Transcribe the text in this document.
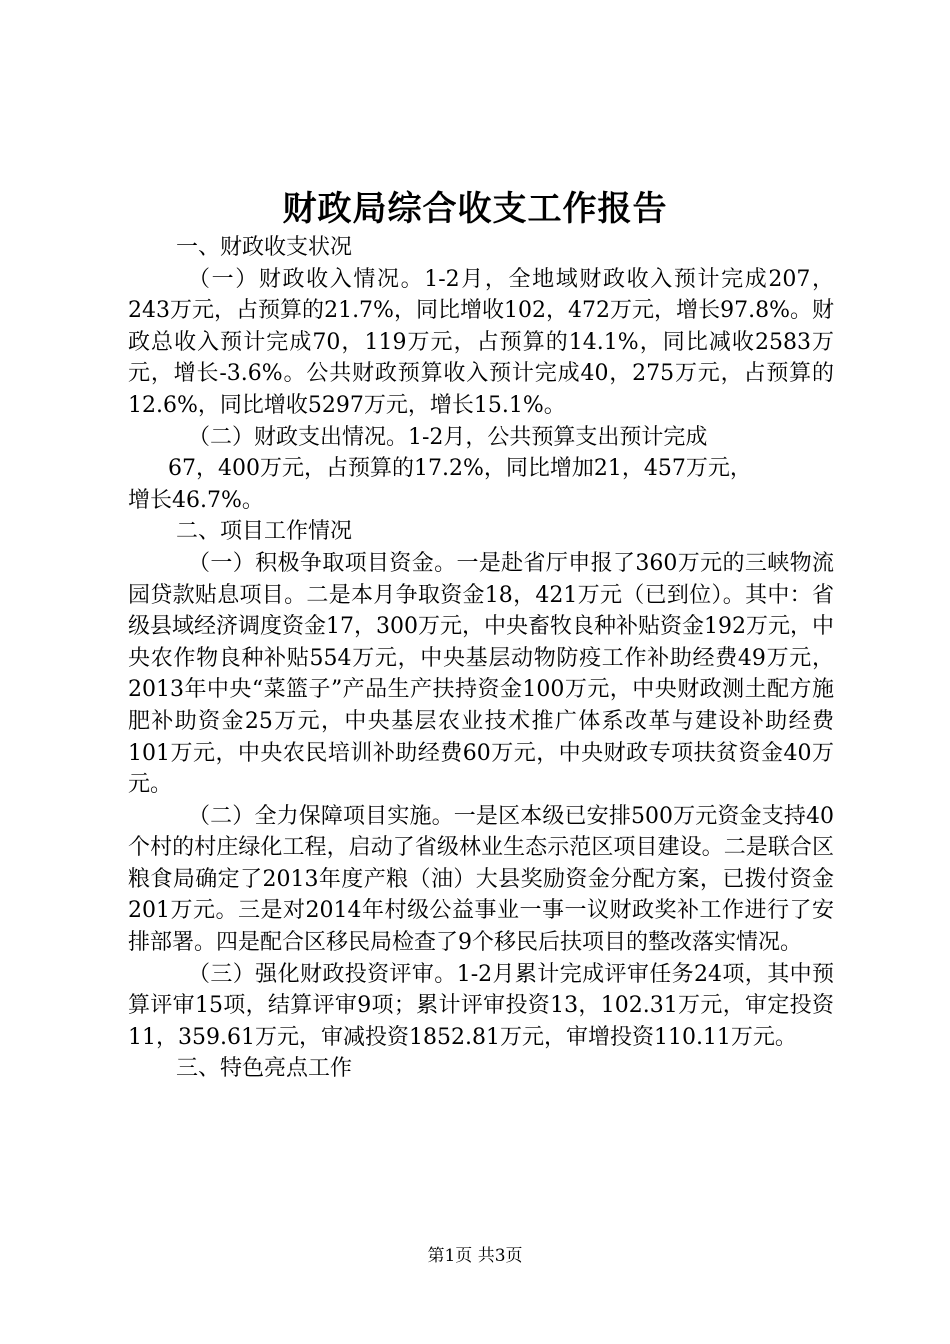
财政局综合收支工作报告

一、财政收支状况

（一）财政收入情况。1-2月，全地域财政收入预计完成207，243万元，占预算的21.7%，同比增收102，472万元，增长97.8%。财政总收入预计完成70，119万元，占预算的14.1%，同比减收2583万元，增长-3.6%。公共财政预算收入预计完成40，275万元，占预算的12.6%，同比增收5297万元，增长15.1%。

（二）财政支出情况。1-2月，公共预算支出预计完成

67，400万元，占预算的17.2%，同比增加21，457万元，

增长46.7%。

二、项目工作情况

（一）积极争取项目资金。一是赴省厅申报了360万元的三峡物流园贷款贴息项目。二是本月争取资金18，421万元（已到位）。其中：省级县域经济调度资金17，300万元，中央畜牧良种补贴资金192万元，中央农作物良种补贴554万元，中央基层动物防疫工作补助经费49万元，2013年中央“菜篮子”产品生产扶持资金100万元，中央财政测土配方施肥补助资金25万元，中央基层农业技术推广体系改革与建设补助经费101万元，中央农民培训补助经费60万元，中央财政专项扶贫资金40万元。

（二）全力保障项目实施。一是区本级已安排500万元资金支持40个村的村庄绿化工程，启动了省级林业生态示范区项目建设。二是联合区粮食局确定了2013年度产粮（油）大县奖励资金分配方案，已拨付资金201万元。三是对2014年村级公益事业一事一议财政奖补工作进行了安排部署。四是配合区移民局检查了9个移民后扶项目的整改落实情况。

（三）强化财政投资评审。1-2月累计完成评审任务24项，其中预算评审15项，结算评审9项；累计评审投资13，102.31万元，审定投资11，359.61万元，审减投资1852.81万元，审增投资110.11万元。

三、特色亮点工作

第1页 共3页
